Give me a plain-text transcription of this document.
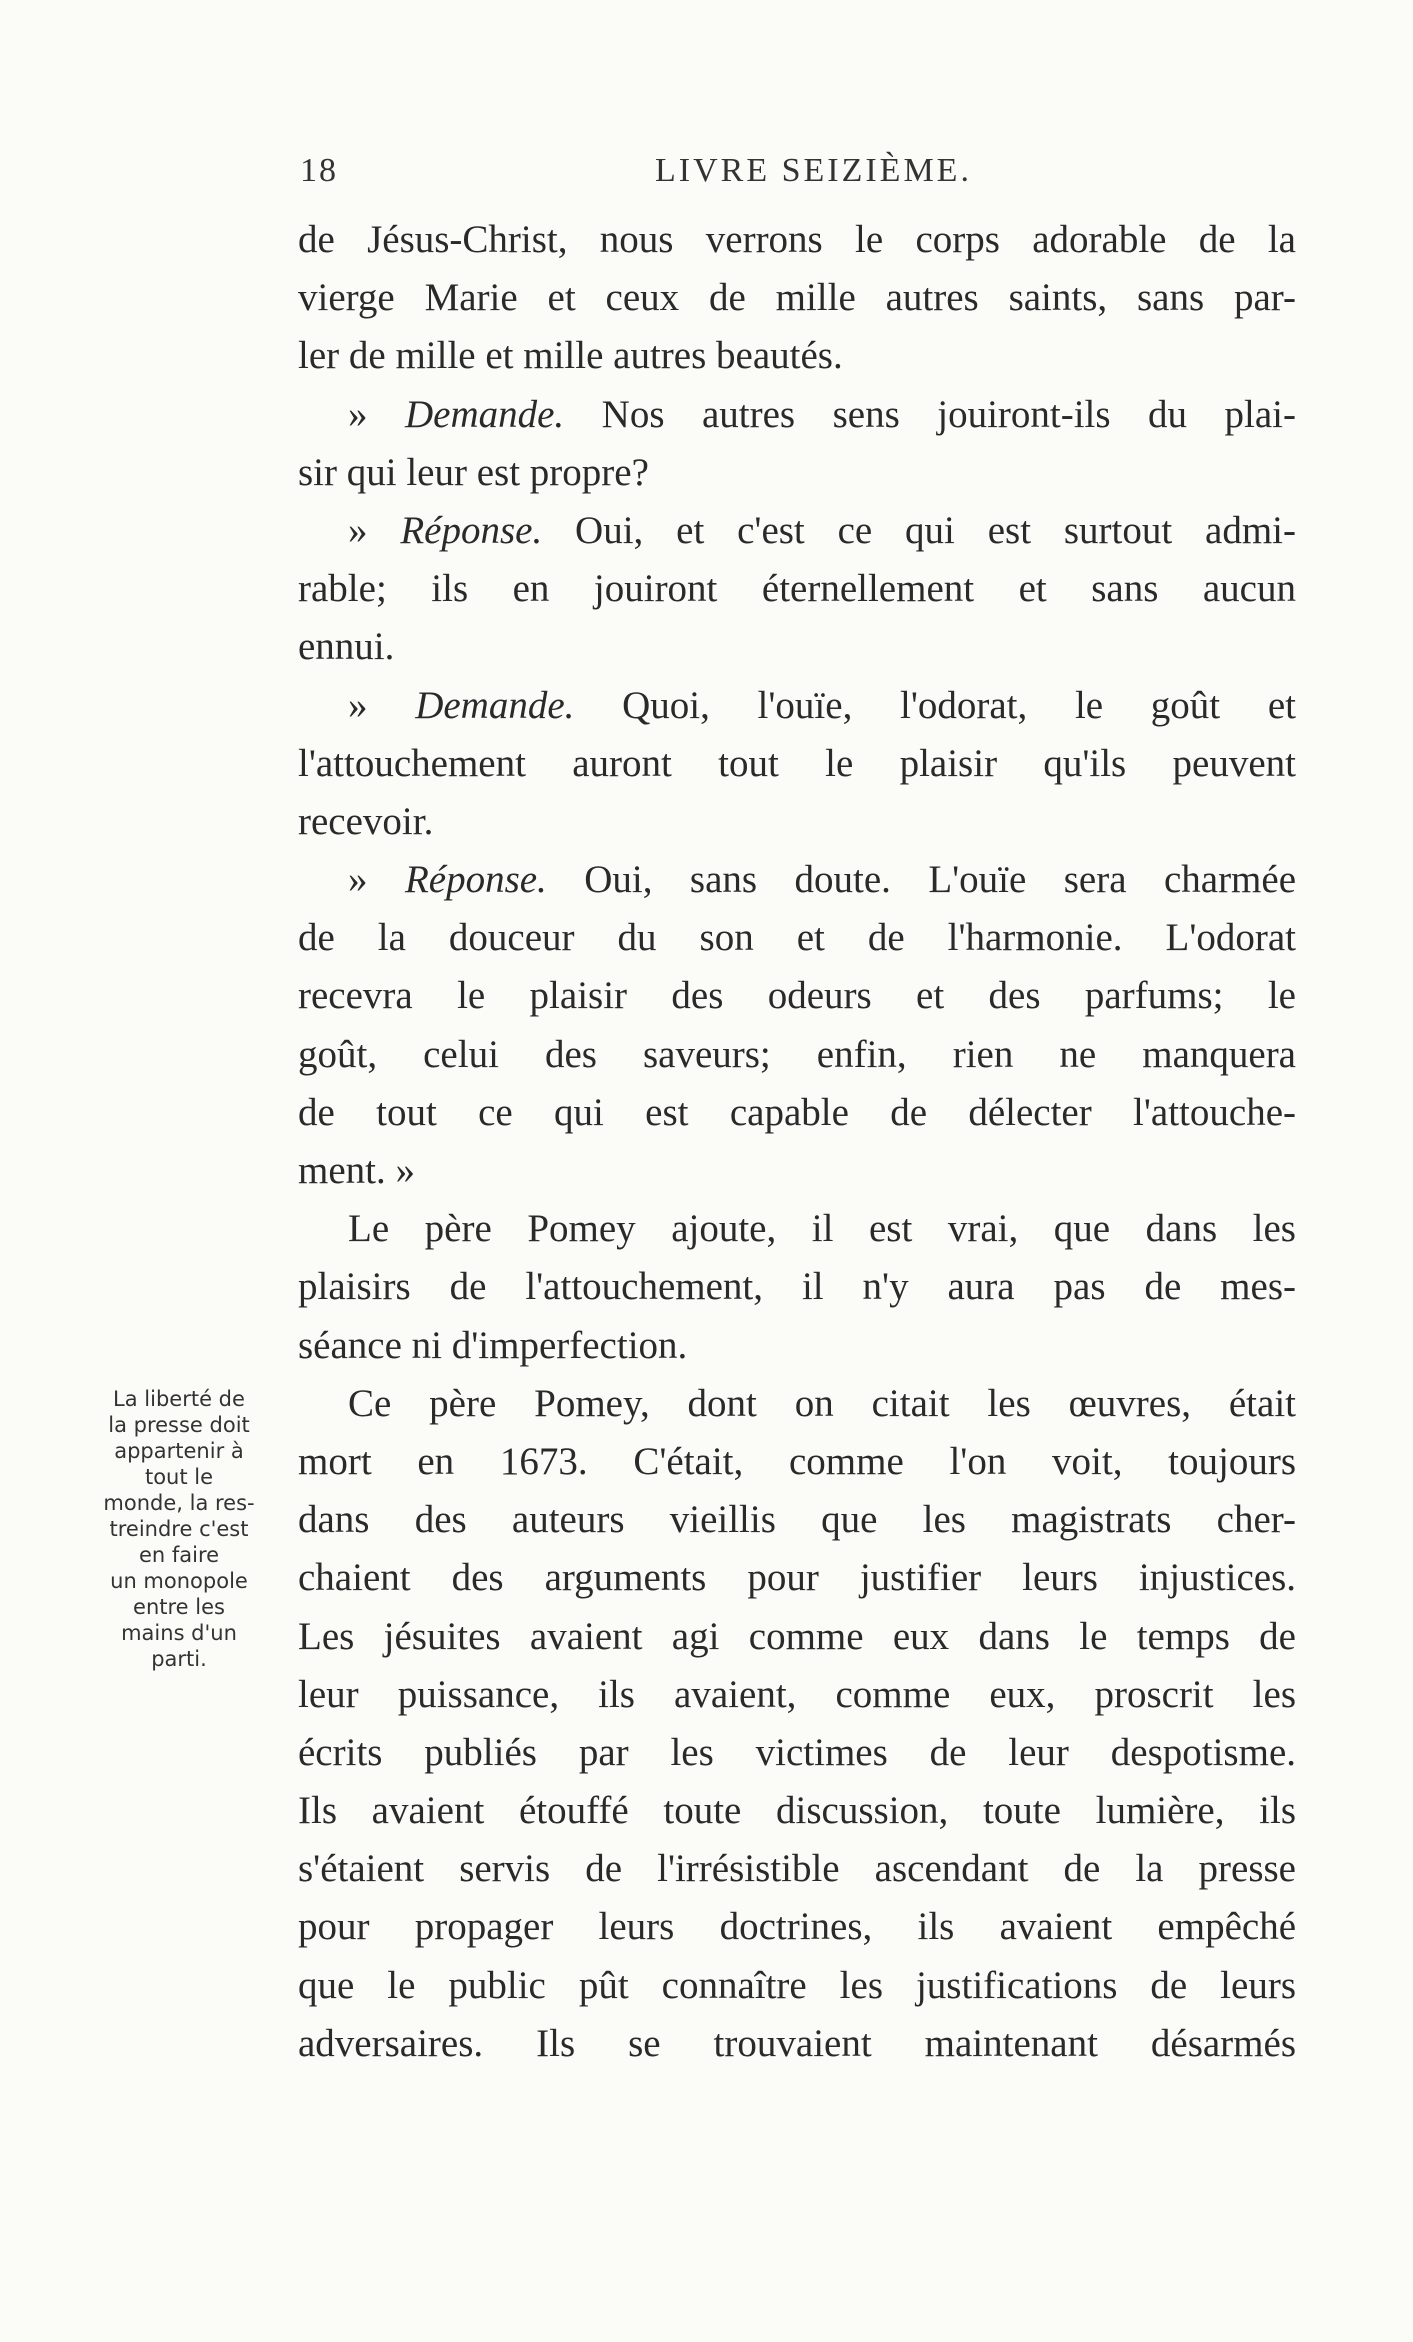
18	LIVRE SEIZIÈME.
de Jésus-Christ, nous verrons le corps adorable de la
vierge Marie et ceux de mille autres saints, sans par-
ler de mille et mille autres beautés.
» Demande. Nos autres sens jouiront-ils du plai-
sir qui leur est propre?
» Réponse. Oui, et c'est ce qui est surtout admi-
rable; ils en jouiront éternellement et sans aucun
ennui.
» Demande. Quoi, l'ouïe, l'odorat, le goût et
l'attouchement auront tout le plaisir qu'ils peuvent
recevoir.
» Réponse. Oui, sans doute. L'ouïe sera charmée
de la douceur du son et de l'harmonie. L'odorat
recevra le plaisir des odeurs et des parfums; le
goût, celui des saveurs; enfin, rien ne manquera
de tout ce qui est capable de délecter l'attouche-
ment. »
Le père Pomey ajoute, il est vrai, que dans les
plaisirs de l'attouchement, il n'y aura pas de mes-
séance ni d'imperfection.
Ce père Pomey, dont on citait les œuvres, était
mort en 1673. C'était, comme l'on voit, toujours
dans des auteurs vieillis que les magistrats cher-
chaient des arguments pour justifier leurs injustices.
Les jésuites avaient agi comme eux dans le temps de
leur puissance, ils avaient, comme eux, proscrit les
écrits publiés par les victimes de leur despotisme.
Ils avaient étouffé toute discussion, toute lumière, ils
s'étaient servis de l'irrésistible ascendant de la presse
pour propager leurs doctrines, ils avaient empêché
que le public pût connaître les justifications de leurs
adversaires. Ils se trouvaient maintenant désarmés
La liberté de
la presse doit
appartenir à
tout le
monde, la res-
treindre c'est
en faire
un monopole
entre les
mains d'un
parti.
